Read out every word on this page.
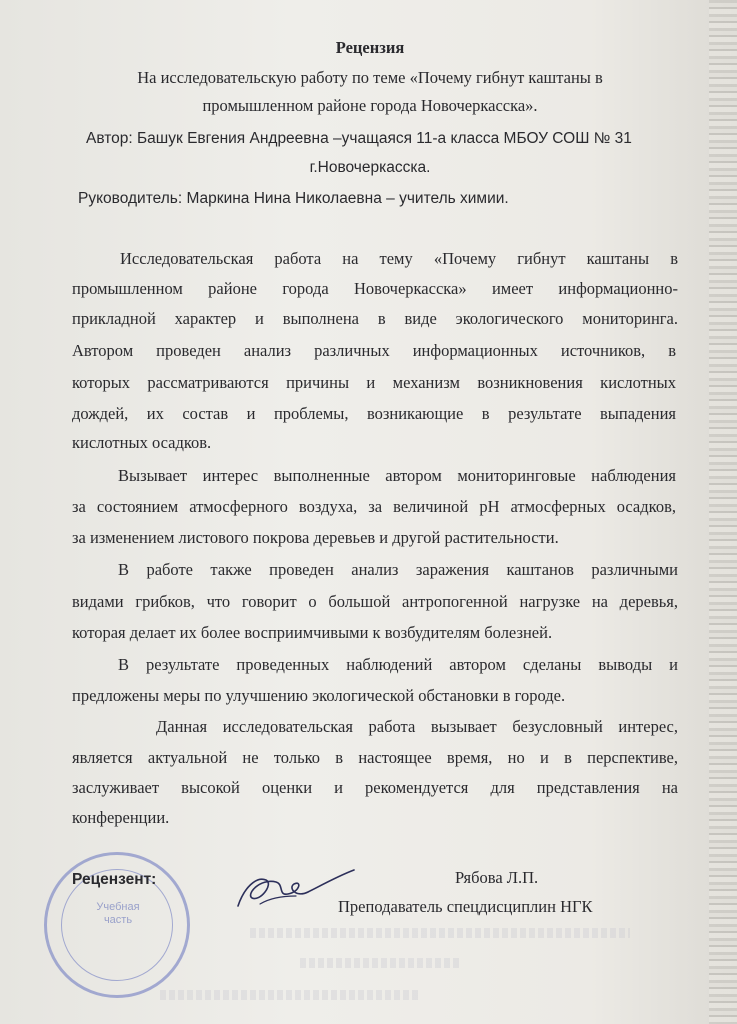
Рецензия
На исследовательскую работу по теме «Почему гибнут каштаны в
промышленном районе города Новочеркасска».
Автор: Башук Евгения Андреевна –учащаяся 11-а класса МБОУ СОШ № 31
г.Новочеркасска.
Руководитель: Маркина Нина Николаевна – учитель химии.
Исследовательская работа на тему «Почему гибнут каштаны в
промышленном районе города Новочеркасска» имеет информационно-
прикладной характер и выполнена в виде экологического мониторинга.
Автором проведен анализ различных информационных источников, в
которых рассматриваются причины и механизм возникновения кислотных
дождей, их состав и проблемы, возникающие в результате выпадения
кислотных осадков.
Вызывает интерес выполненные автором мониторинговые наблюдения
за состоянием атмосферного воздуха, за величиной pH атмосферных осадков,
за изменением листового покрова деревьев и другой растительности.
В работе также проведен анализ заражения каштанов различными
видами грибков, что говорит о большой антропогенной нагрузке на деревья,
которая делает их более восприимчивыми к возбудителям болезней.
В результате проведенных наблюдений автором сделаны выводы и
предложены меры по улучшению экологической обстановки в городе.
Данная исследовательская работа вызывает безусловный интерес,
является актуальной не только в настоящее время, но и в перспективе,
заслуживает высокой оценки и рекомендуется для представления на
конференции.
Учебная часть
Рецензент:	Рябова Л.П.
Преподаватель спецдисциплин НГК
